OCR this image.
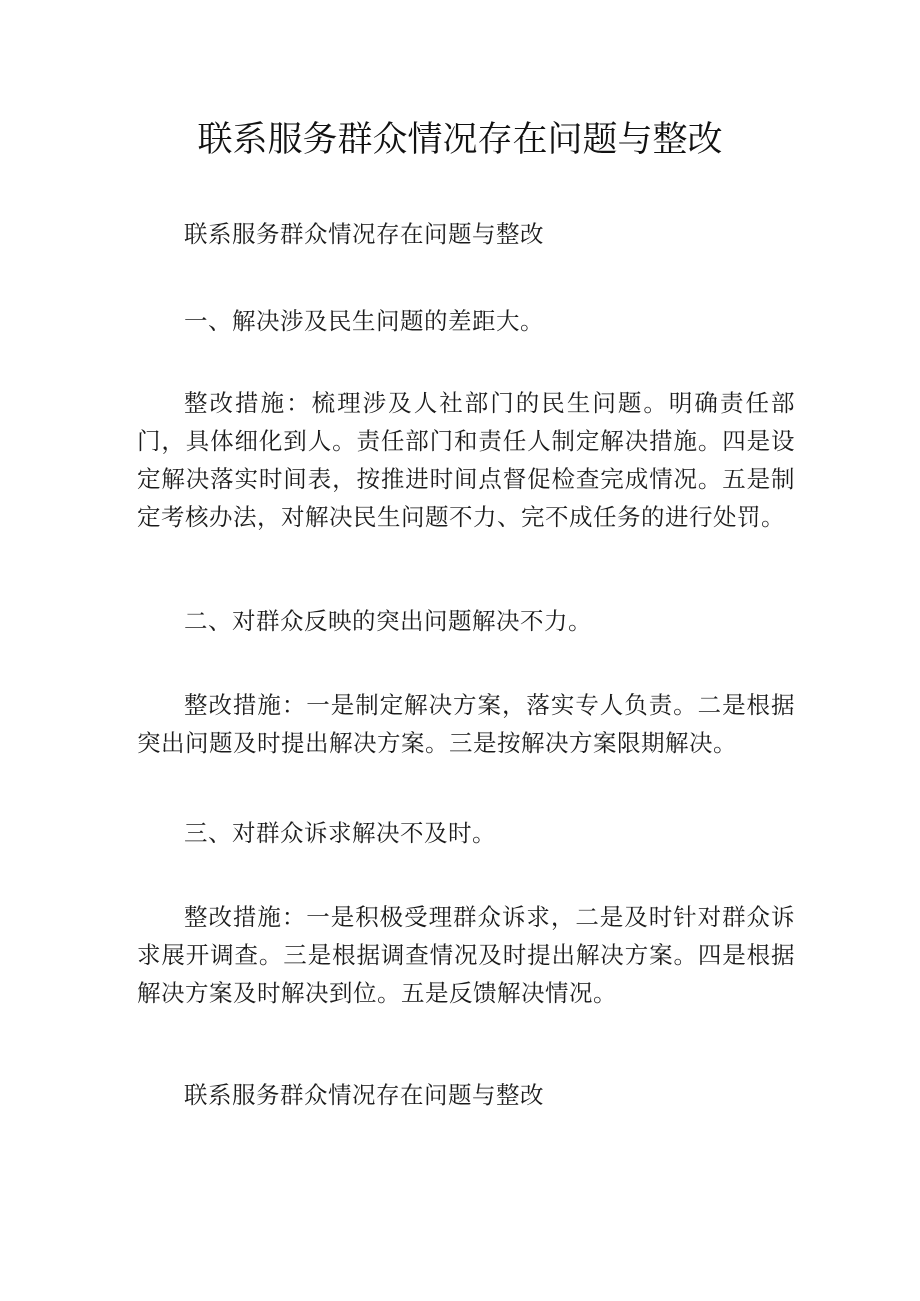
联系服务群众情况存在问题与整改

联系服务群众情况存在问题与整改

一、解决涉及民生问题的差距大。

整改措施：梳理涉及人社部门的民生问题。明确责任部门，具体细化到人。责任部门和责任人制定解决措施。四是设定解决落实时间表，按推进时间点督促检查完成情况。五是制定考核办法，对解决民生问题不力、完不成任务的进行处罚。

二、对群众反映的突出问题解决不力。

整改措施：一是制定解决方案，落实专人负责。二是根据突出问题及时提出解决方案。三是按解决方案限期解决。

三、对群众诉求解决不及时。

整改措施：一是积极受理群众诉求，二是及时针对群众诉求展开调查。三是根据调查情况及时提出解决方案。四是根据解决方案及时解决到位。五是反馈解决情况。

联系服务群众情况存在问题与整改
